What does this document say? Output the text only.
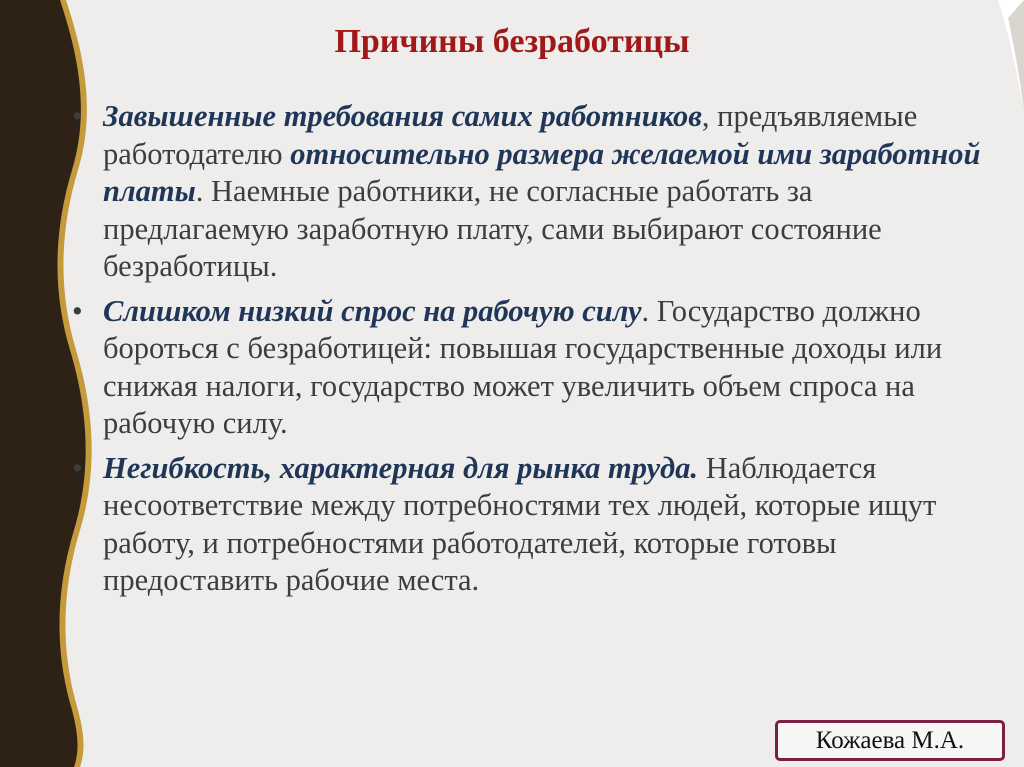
Причины безработицы
• Завышенные требования самих работников, предъявляемые работодателю относительно размера желаемой ими заработной платы. Наемные работники, не согласные работать за предлагаемую заработную плату, сами выбирают состояние безработицы.
• Слишком низкий спрос на рабочую силу. Государство должно бороться с безработицей: повышая государственные доходы или снижая налоги, государство может увеличить объем спроса на рабочую силу.
• Негибкость, характерная для рынка труда. Наблюдается несоответствие между потребностями тех людей, которые ищут работу, и потребностями работодателей, которые готовы предоставить рабочие места.
Кожаева М.А.
